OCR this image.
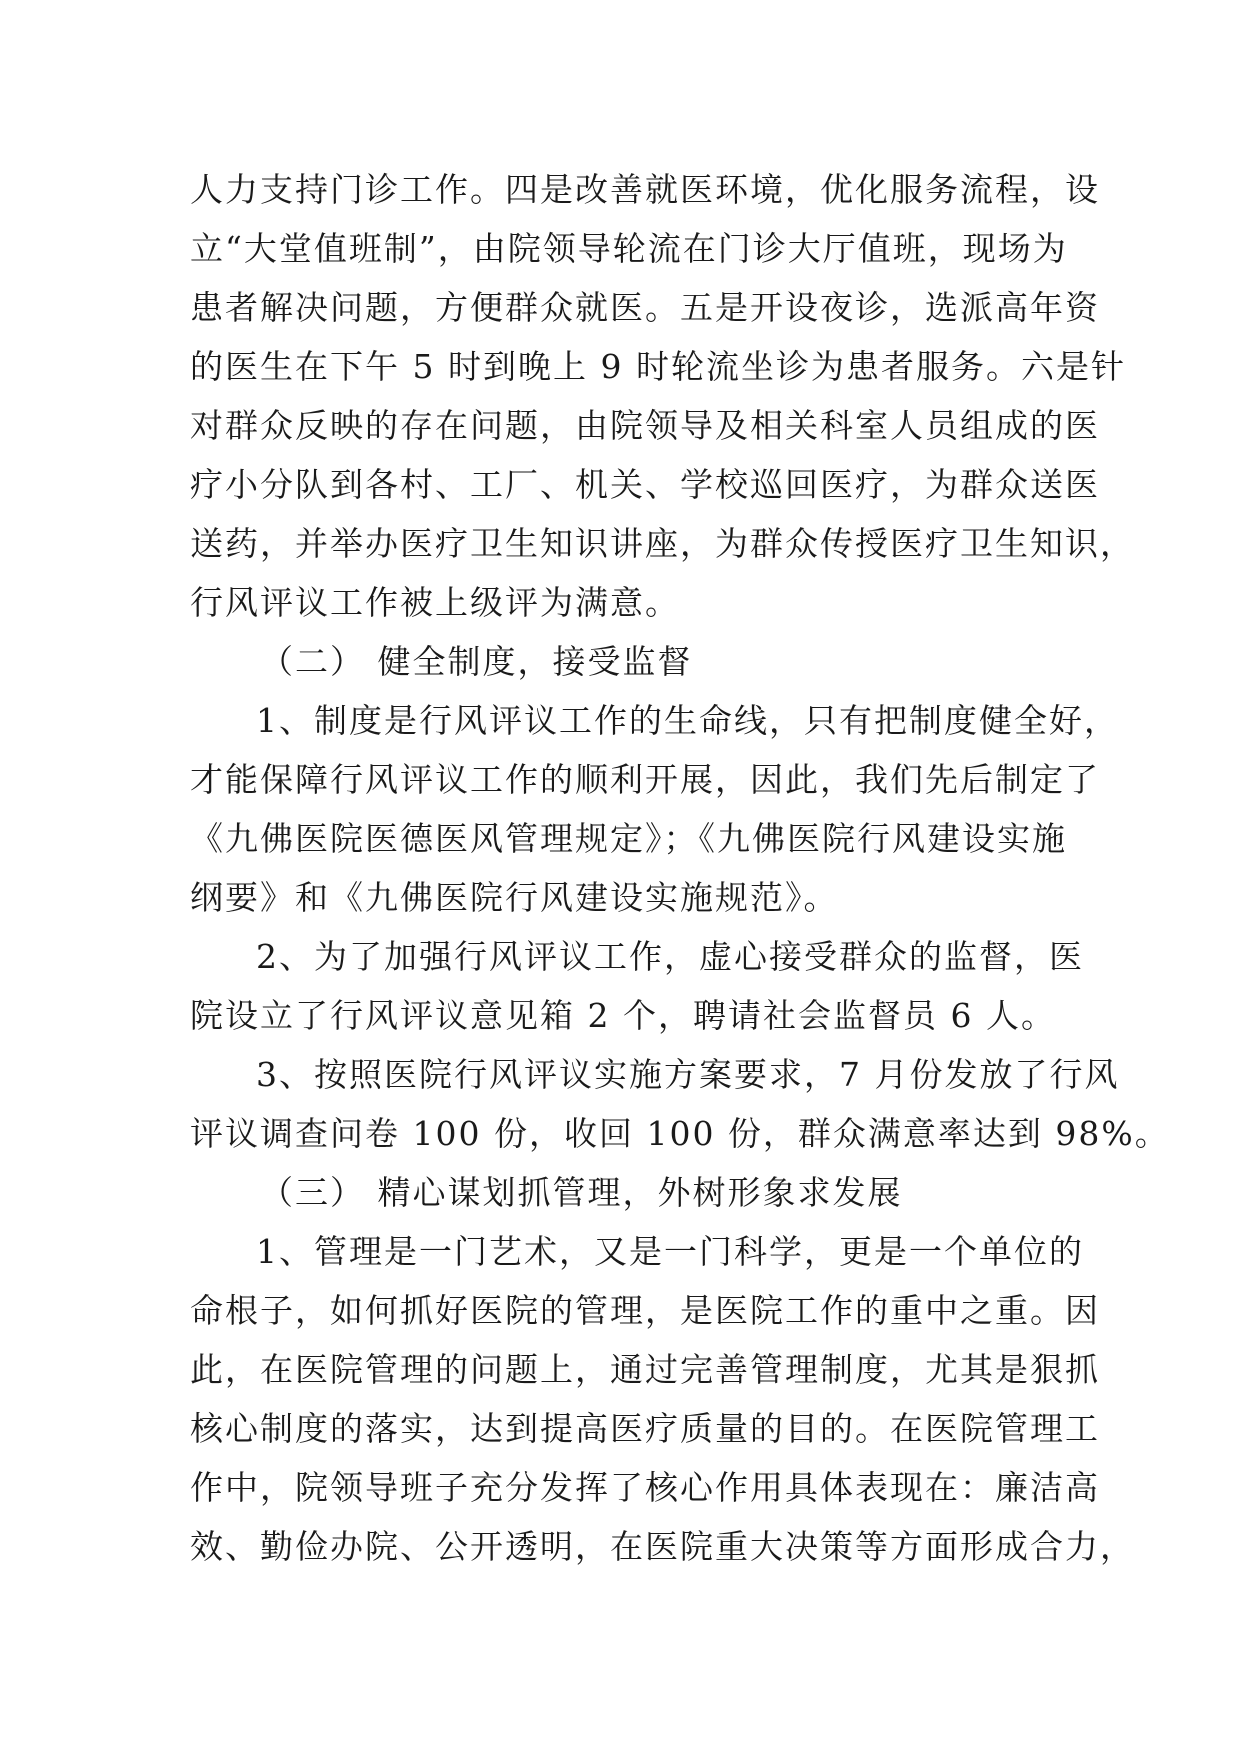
人力支持门诊工作。四是改善就医环境，优化服务流程，设
立“大堂值班制”，由院领导轮流在门诊大厅值班，现场为
患者解决问题，方便群众就医。五是开设夜诊，选派高年资
的医生在下午 5 时到晚上 9 时轮流坐诊为患者服务。六是针
对群众反映的存在问题，由院领导及相关科室人员组成的医
疗小分队到各村、工厂、机关、学校巡回医疗，为群众送医
送药，并举办医疗卫生知识讲座，为群众传授医疗卫生知识，
行风评议工作被上级评为满意。
（二） 健全制度，接受监督
1、制度是行风评议工作的生命线，只有把制度健全好，
才能保障行风评议工作的顺利开展，因此，我们先后制定了
《九佛医院医德医风管理规定》；《九佛医院行风建设实施
纲要》和《九佛医院行风建设实施规范》。
2、为了加强行风评议工作，虚心接受群众的监督，医
院设立了行风评议意见箱 2 个，聘请社会监督员 6 人。
3、按照医院行风评议实施方案要求，7 月份发放了行风
评议调查问卷 100 份，收回 100 份，群众满意率达到 98%。
（三） 精心谋划抓管理，外树形象求发展
1、管理是一门艺术，又是一门科学，更是一个单位的
命根子，如何抓好医院的管理，是医院工作的重中之重。因
此，在医院管理的问题上，通过完善管理制度，尤其是狠抓
核心制度的落实，达到提高医疗质量的目的。在医院管理工
作中，院领导班子充分发挥了核心作用具体表现在：廉洁高
效、勤俭办院、公开透明，在医院重大决策等方面形成合力，
